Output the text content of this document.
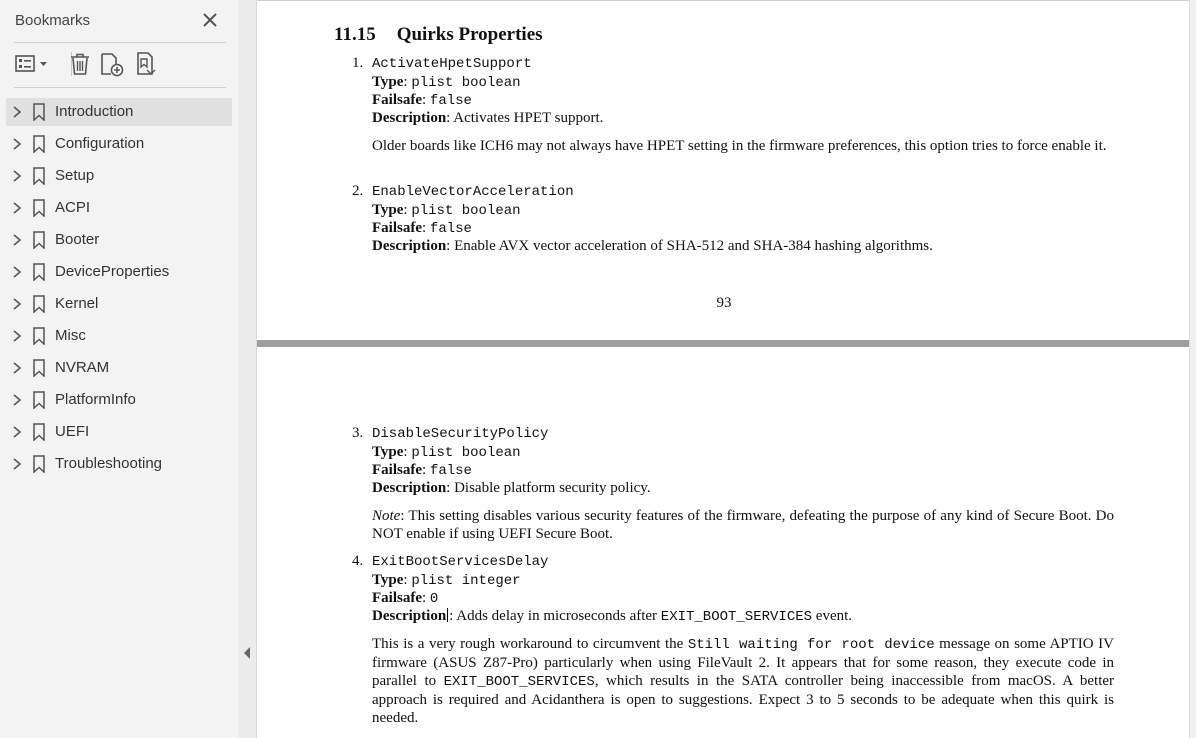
Bookmarks
Introduction
Configuration
Setup
ACPI
Booter
DeviceProperties
Kernel
Misc
NVRAM
PlatformInfo
UEFI
Troubleshooting
11.15 Quirks Properties
1. ActivateHpetSupport
Type: plist boolean
Failsafe: false
Description: Activates HPET support.
Older boards like ICH6 may not always have HPET setting in the firmware preferences, this option tries to force enable it.
2. EnableVectorAcceleration
Type: plist boolean
Failsafe: false
Description: Enable AVX vector acceleration of SHA-512 and SHA-384 hashing algorithms.
93
3. DisableSecurityPolicy
Type: plist boolean
Failsafe: false
Description: Disable platform security policy.
Note: This setting disables various security features of the firmware, defeating the purpose of any kind of Secure Boot. Do NOT enable if using UEFI Secure Boot.
4. ExitBootServicesDelay
Type: plist integer
Failsafe: 0
Description : Adds delay in microseconds after EXIT_BOOT_SERVICES event.
This is a very rough workaround to circumvent the Still waiting for root device message on some APTIO IV firmware (ASUS Z87-Pro) particularly when using FileVault 2. It appears that for some reason, they execute code in parallel to EXIT_BOOT_SERVICES, which results in the SATA controller being inaccessible from macOS. A better approach is required and Acidanthera is open to suggestions. Expect 3 to 5 seconds to be adequate when this quirk is needed.
